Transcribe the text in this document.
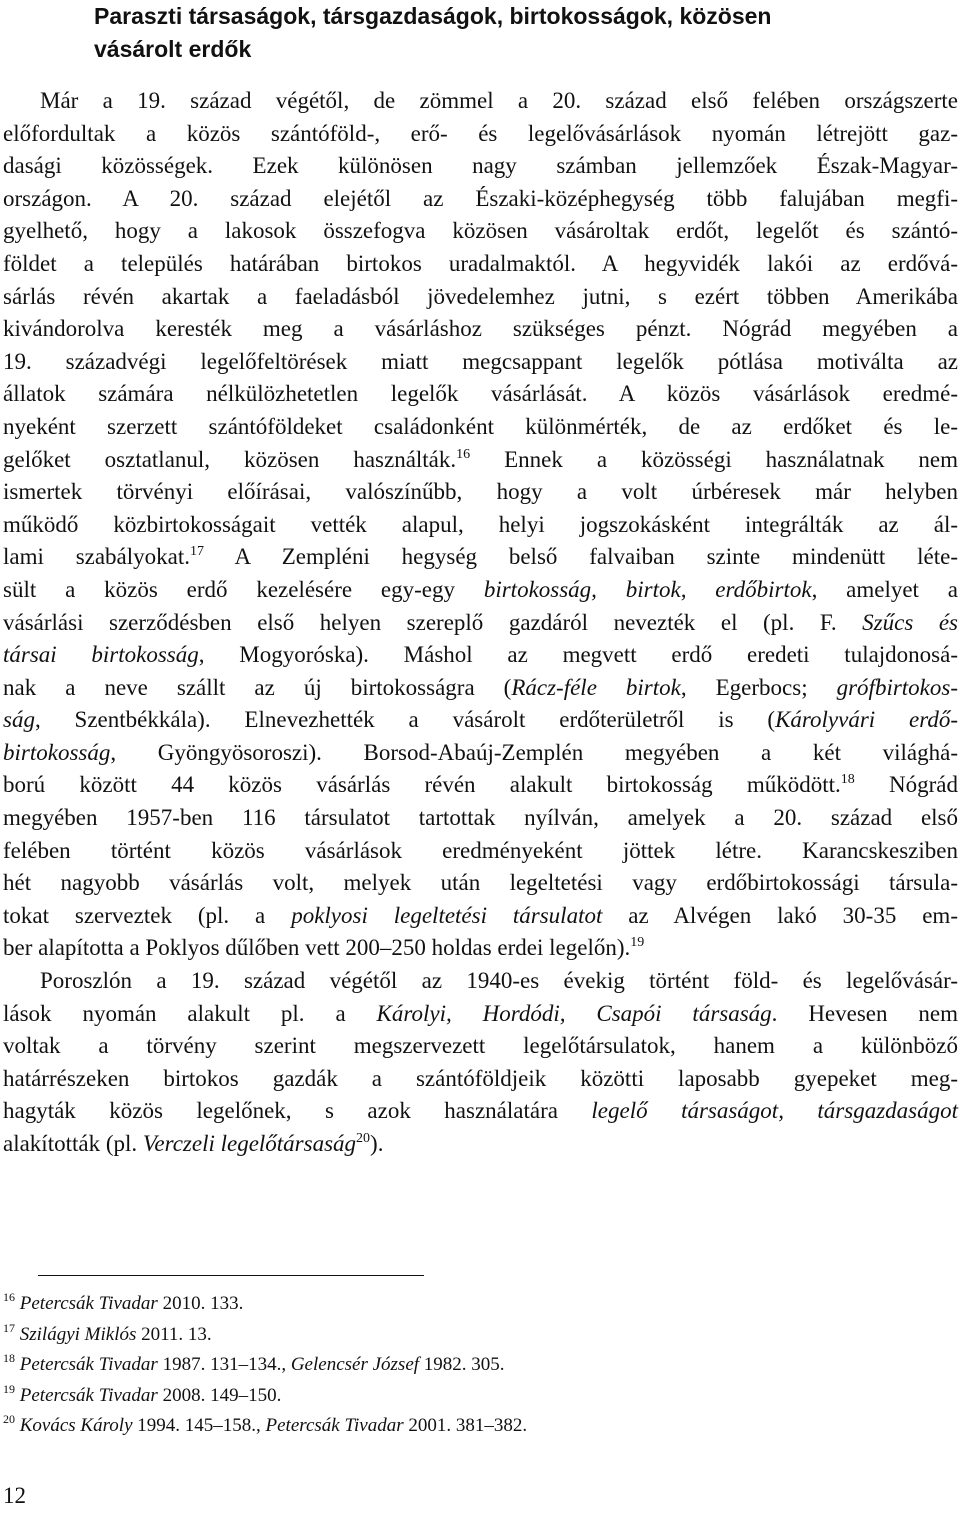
Paraszti társaságok, társgazdaságok, birtokosságok, közösen
vásárolt erdők
Már a 19. század végétől, de zömmel a 20. század első felében országszerte
előfordultak a közös szántóföld-, erő- és legelővásárlások nyomán létrejött gaz-
dasági közösségek. Ezek különösen nagy számban jellemzőek Észak-Magyar-
országon. A 20. század elejétől az Északi-középhegység több falujában megfi-
gyelhető, hogy a lakosok összefogva közösen vásároltak erdőt, legelőt és szántó-
földet a település határában birtokos uradalmaktól. A hegyvidék lakói az erdővá-
sárlás révén akartak a faeladásból jövedelemhez jutni, s ezért többen Amerikába
kivándorolva keresték meg a vásárláshoz szükséges pénzt. Nógrád megyében a
19. századvégi legelőfeltörések miatt megcsappant legelők pótlása motiválta az
állatok számára nélkülözhetetlen legelők vásárlását. A közös vásárlások eredmé-
nyeként szerzett szántóföldeket családonként különmérték, de az erdőket és le-
gelőket osztatlanul, közösen használták.$^{16}$ Ennek a közösségi használatnak nem
ismertek törvényi előírásai, valószínűbb, hogy a volt úrbéresek már helyben
működő közbirtokosságait vették alapul, helyi jogszokásként integrálták az ál-
lami szabályokat.$^{17}$ A Zempléni hegység belső falvaiban szinte mindenütt léte-
sült a közös erdő kezelésére egy-egy birtokosság, birtok, erdőbirtok, amelyet a
vásárlási szerződésben első helyen szereplő gazdáról nevezték el (pl. F. Szűcs és
társai birtokosság, Mogyoróska). Máshol az megvett erdő eredeti tulajdonosá-
nak a neve szállt az új birtokosságra (Rácz-féle birtok, Egerbocs; grófbirtokos-
ság, Szentbékkála). Elnevezhették a vásárolt erdőterületről is (Károlyvári erdő-
birtokosság, Gyöngyösoroszi). Borsod-Abaúj-Zemplén megyében a két világhá-
ború között 44 közös vásárlás révén alakult birtokosság működött.$^{18}$ Nógrád
megyében 1957-ben 116 társulatot tartottak nyílván, amelyek a 20. század első
felében történt közös vásárlások eredményeként jöttek létre. Karancskesziben
hét nagyobb vásárlás volt, melyek után legeltetési vagy erdőbirtokossági társula-
tokat szerveztek (pl. a poklyosi legeltetési társulatot az Alvégen lakó 30-35 em-
ber alapította a Poklyos dűlőben vett 200–250 holdas erdei legelőn).$^{19}$
Poroszlón a 19. század végétől az 1940-es évekig történt föld- és legelővásár-
lások nyomán alakult pl. a Károlyi, Hordódi, Csapói társaság. Hevesen nem
voltak a törvény szerint megszervezett legelőtársulatok, hanem a különböző
határrészeken birtokos gazdák a szántóföldjeik közötti laposabb gyepeket meg-
hagyták közös legelőnek, s azok használatára legelő társaságot, társgazdaságot
alakították (pl. Verczeli legelőtársaság$^{20}$).
$^{16}$ Petercsák Tivadar 2010. 133.
$^{17}$ Szilágyi Miklós 2011. 13.
$^{18}$ Petercsák Tivadar 1987. 131–134., Gelencsér József 1982. 305.
$^{19}$ Petercsák Tivadar 2008. 149–150.
$^{20}$ Kovács Károly 1994. 145–158., Petercsák Tivadar 2001. 381–382.
12
